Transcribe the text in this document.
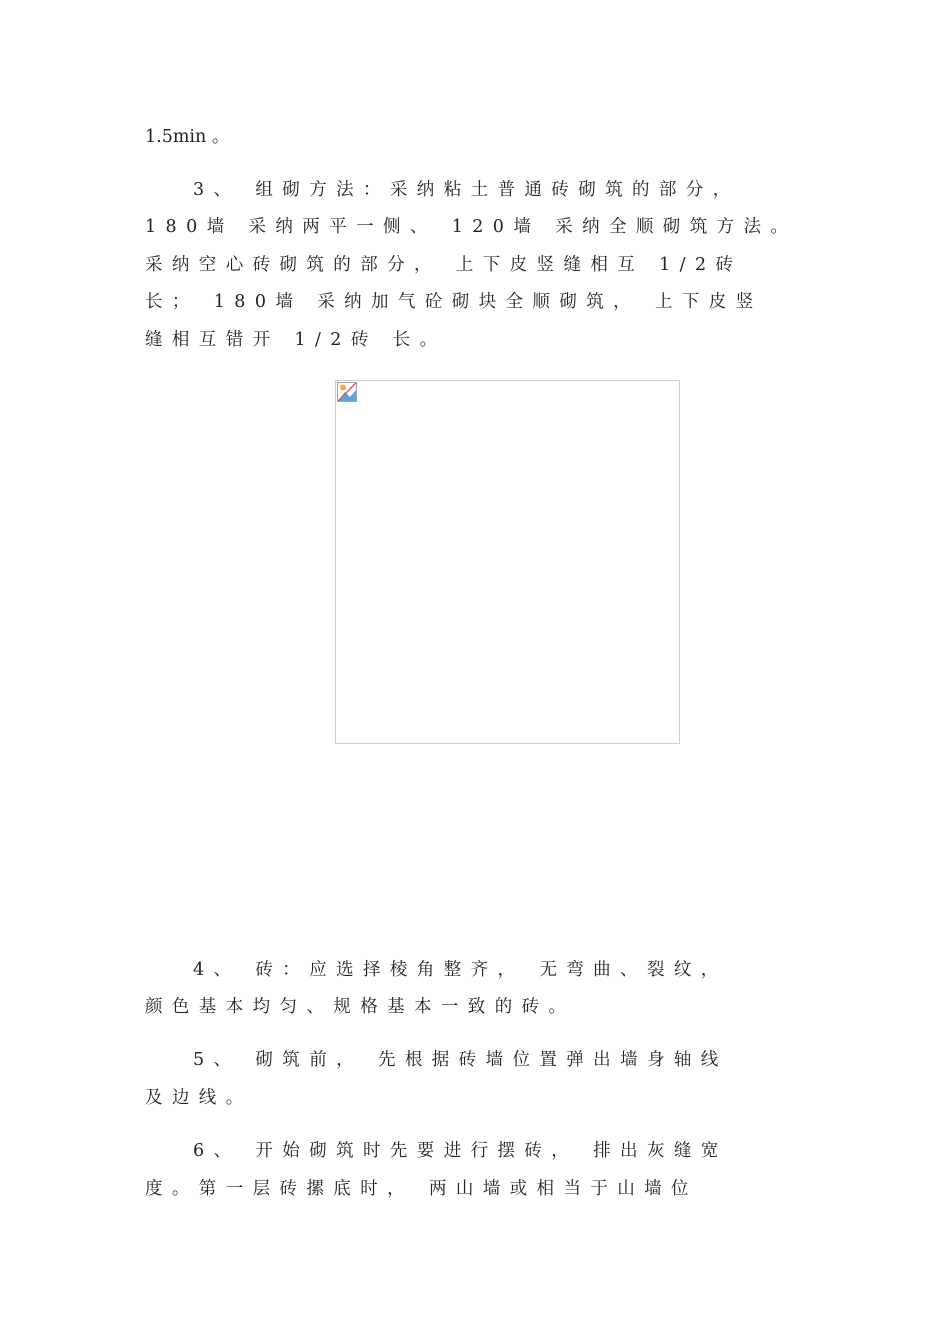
1.5min 。
3、 组砌方法：采纳粘土普通砖砌筑的部分，
180墙 采纳两平一侧、 120墙 采纳全顺砌筑方法。
采纳空心砖砌筑的部分， 上下皮竖缝相互 1/2砖
长； 180墙 采纳加气砼砌块全顺砌筑， 上下皮竖
缝相互错开 1/2砖 长。
4、 砖：应选择棱角整齐， 无弯曲、裂纹，
颜色基本均匀、规格基本一致的砖。
5、 砌筑前， 先根据砖墙位置弹出墙身轴线
及边线。
6、 开始砌筑时先要进行摆砖， 排出灰缝宽
度。第一层砖摞底时， 两山墙或相当于山墙位
